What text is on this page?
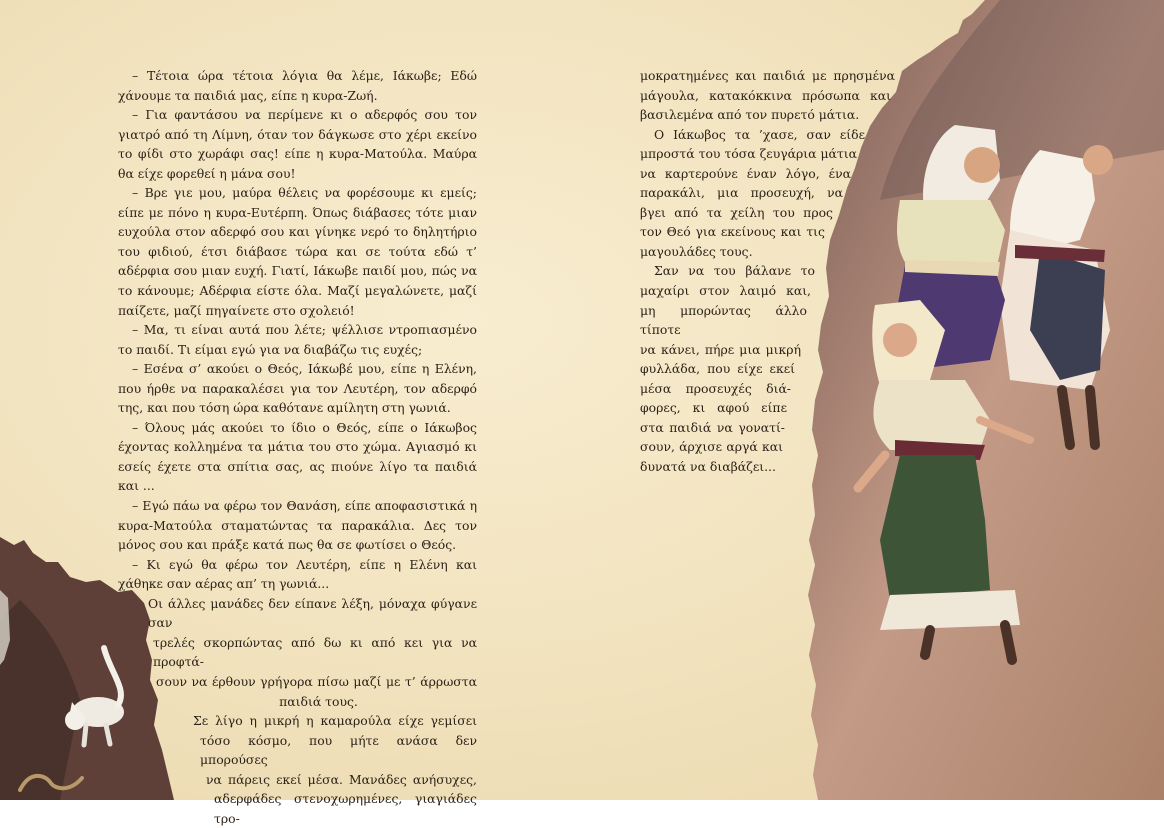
– Τέτοια ώρα τέτοια λόγια θα λέμε, Ιάκωβε; Εδώ χάνουμε τα παιδιά μας, είπε η κυρα-Ζωή.

– Για φαντάσου να περίμενε κι ο αδερφός σου τον γιατρό από τη Λίμνη, όταν τον δάγκωσε στο χέρι εκείνο το φίδι στο χωράφι σας! είπε η κυρα-Ματούλα. Μαύρα θα είχε φορεθεί η μάνα σου!

– Βρε γιε μου, μαύρα θέλεις να φορέσουμε κι εμείς; είπε με πόνο η κυρα-Ευτέρπη. Όπως διάβασες τότε μιαν ευχούλα στον αδερφό σου και γίνηκε νερό το δηλητήριο του φιδιού, έτσι διάβασε τώρα και σε τούτα εδώ τ’ αδέρφια σου μιαν ευχή. Γιατί, Ιάκωβε παιδί μου, πώς να το κάνουμε; Αδέρφια είστε όλα. Μαζί μεγαλώνετε, μαζί παίζετε, μαζί πηγαίνετε στο σχολειό!

– Μα, τι είναι αυτά που λέτε; ψέλλισε ντροπιασμένο το παιδί. Τι είμαι εγώ για να διαβάζω τις ευχές;

– Εσένα σ’ ακούει ο Θεός, Ιάκωβέ μου, είπε η Ελένη, που ήρθε να παρακαλέσει για τον Λευτέρη, τον αδερφό της, και που τόση ώρα καθότανε αμίλητη στη γωνιά.

– Όλους μάς ακούει το ίδιο ο Θεός, είπε ο Ιάκωβος έχοντας κολλημένα τα μάτια του στο χώμα. Αγιασμό κι εσείς έχετε στα σπίτια σας, ας πιούνε λίγο τα παιδιά και ...

– Εγώ πάω να φέρω τον Θανάση, είπε αποφασιστικά η κυρα-Ματούλα σταματώντας τα παρακάλια. Δες τον μόνος σου και πράξε κατά πως θα σε φωτίσει ο Θεός.

– Κι εγώ θα φέρω τον Λευτέρη, είπε η Ελένη και χάθηκε σαν αέρας απ’ τη γωνιά...

Οι άλλες μανάδες δεν είπανε λέξη, μόναχα φύγανε σαν

τρελές σκορπώντας από δω κι από κει για να προφτά-

σουν να έρθουν γρήγορα πίσω μαζί με τ’ άρρωστα

παιδιά τους.

Σε λίγο η μικρή η καμαρούλα είχε γεμίσει

τόσο κόσμο, που μήτε ανάσα δεν μπορούσες

να πάρεις εκεί μέσα. Μανάδες ανήσυχες,

αδερφάδες στενοχωρημένες, γιαγιάδες τρο-

μοκρατημένες και παιδιά με πρησμένα

μάγουλα, κατακόκκινα πρόσωπα και

βασιλεμένα από τον πυρετό μάτια.

Ο Ιάκωβος τα ’χασε, σαν είδε

μπροστά του τόσα ζευγάρια μάτια

να καρτερούνε έναν λόγο, ένα

παρακάλι, μια προσευχή, να

βγει από τα χείλη του προς

τον Θεό για εκείνους και τις

μαγουλάδες τους.

Σαν να του βάλανε το

μαχαίρι στον λαιμό και,

μη μπορώντας άλλο τίποτε

να κάνει, πήρε μια μικρή

φυλλάδα, που είχε εκεί

μέσα προσευχές διά-

φορες, κι αφού είπε

στα παιδιά να γονατί-

σουν, άρχισε αργά και

δυνατά να διαβάζει...
